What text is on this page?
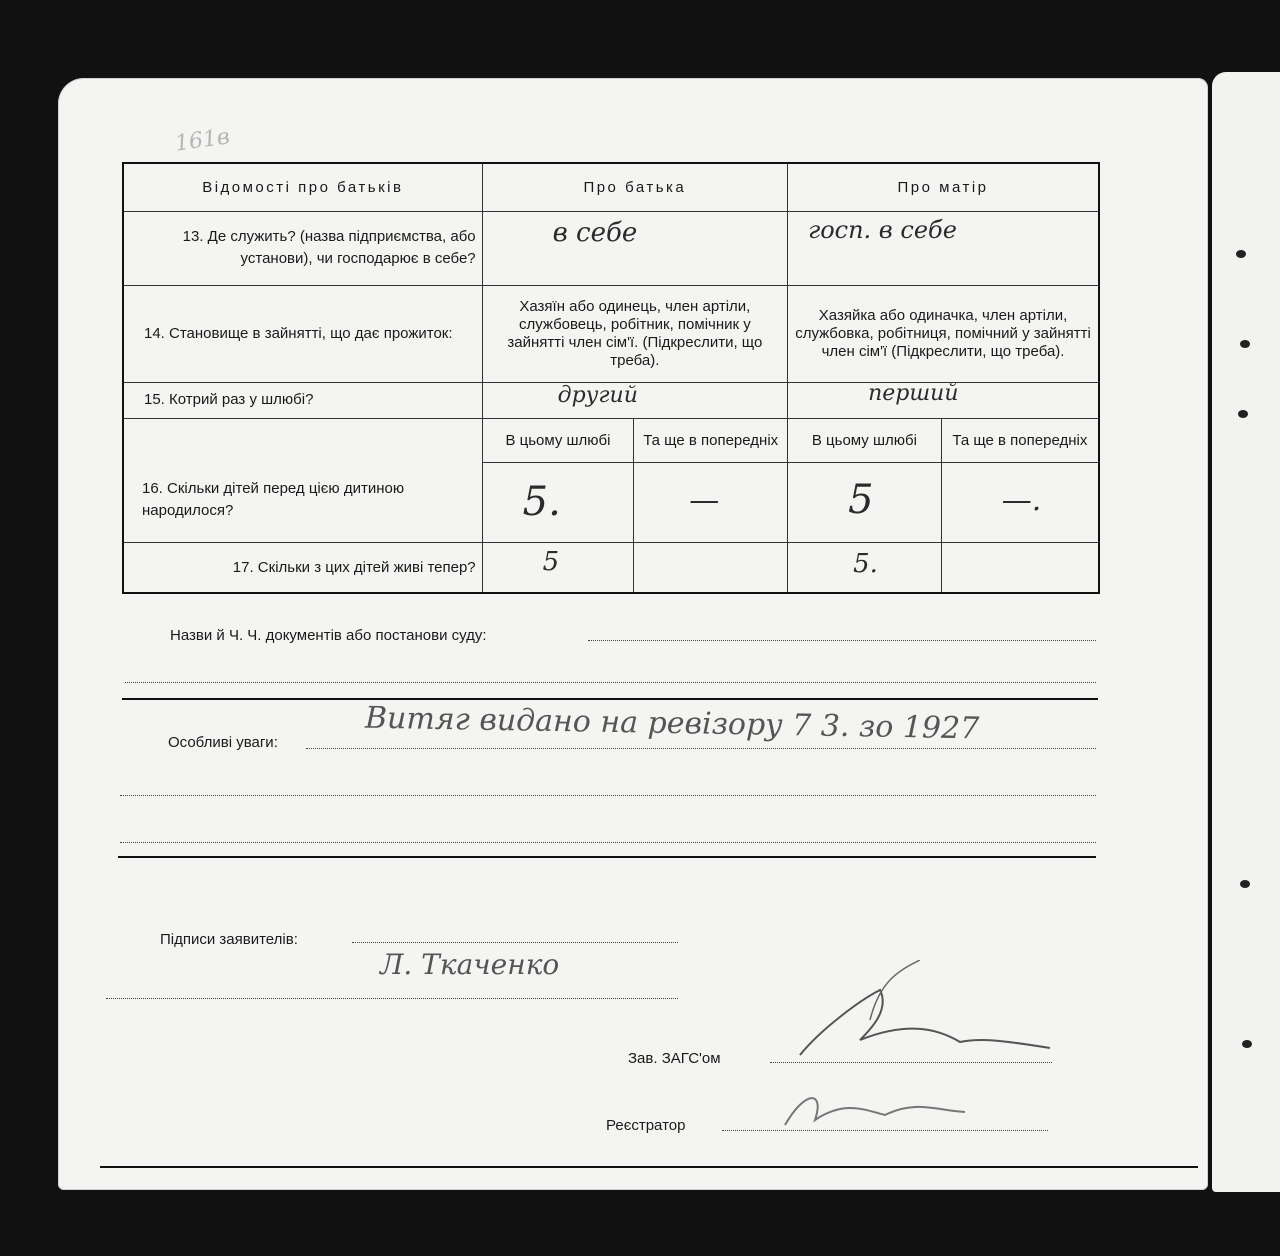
161в
Відомості про батьків	Про батька		Про матір	
13. Де служить? (назва підприємства, або установи), чи господарює в себе?	в себе		госп. в себе	

14. Становище в зайнятті, що дає прожиток:	Хазяїн або одинець, член артіли, службовець, робітник, помічник у зайнятті член сім'ї. (Підкреслити, що треба).		Хазяйка або одиначка, член артіли, службовка, робітниця, помічний у зайнятті член сім'ї (Підкреслити, що треба).	
15. Котрий раз у шлюбі?	другий		перший	

16. Скільки дітей перед цією дитиною народилося?	В цьому шлюбі	Та ще в попередніх	В цьому шлюбі	Та ще в попередніх

	5.	—	5	—.

17. Скільки з цих дітей живі тепер?	5		5.	

Назви й Ч. Ч. документів або постанови суду:
Особливі уваги:	Витяг видано на ревізору 7 3. зо 1927
Підписи заявителів:
Л. Ткаченко
Зав. ЗАГС'ом
Реєстратор
